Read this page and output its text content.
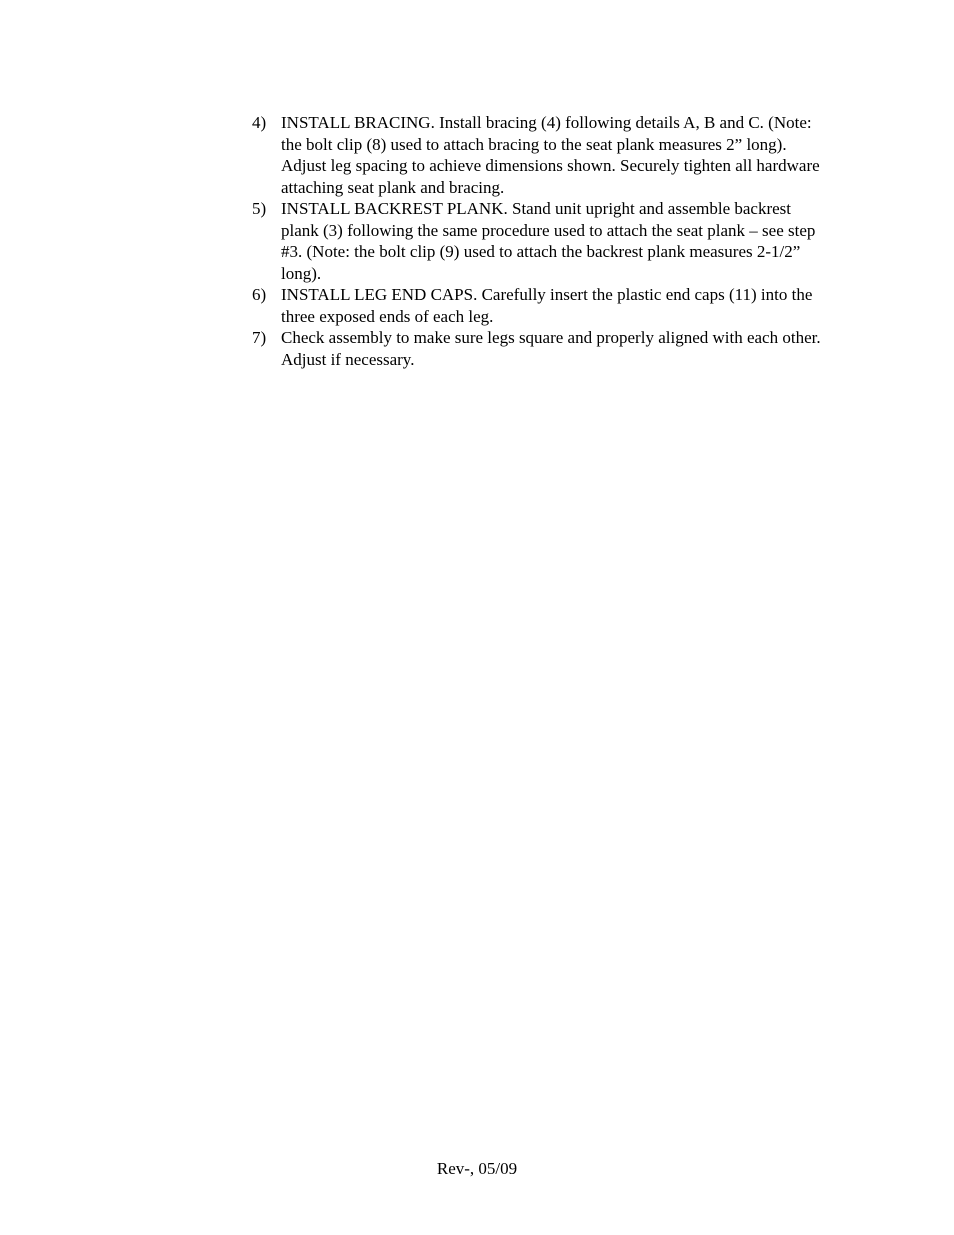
4) INSTALL BRACING. Install bracing (4) following details A, B and C. (Note: the bolt clip (8) used to attach bracing to the seat plank measures 2” long). Adjust leg spacing to achieve dimensions shown. Securely tighten all hardware attaching seat plank and bracing.
5) INSTALL BACKREST PLANK. Stand unit upright and assemble backrest plank (3) following the same procedure used to attach the seat plank – see step #3. (Note: the bolt clip (9) used to attach the backrest plank measures 2-1/2” long).
6) INSTALL LEG END CAPS. Carefully insert the plastic end caps (11) into the three exposed ends of each leg.
7) Check assembly to make sure legs square and properly aligned with each other. Adjust if necessary.
Rev-, 05/09
